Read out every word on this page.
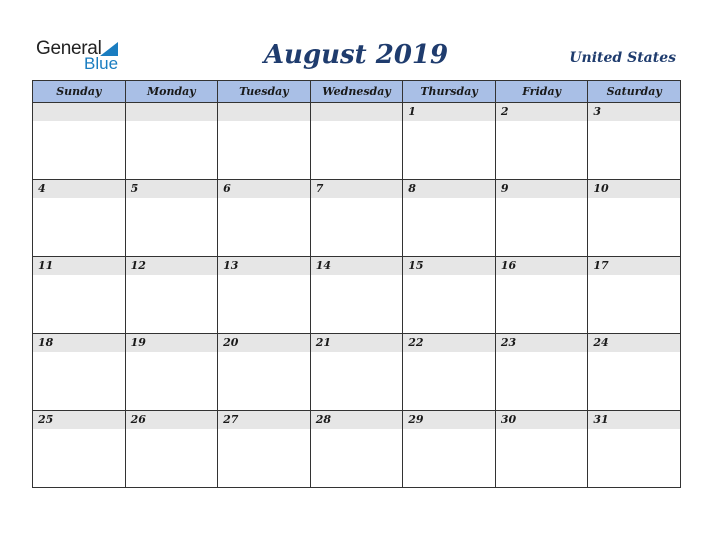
General
Blue	August 2019	United States
Sunday	Monday	Tuesday	Wednesday	Thursday	Friday	Saturday

				1	2	3

4	5	6	7	8	9	10

11	12	13	14	15	16	17

18	19	20	21	22	23	24

25	26	27	28	29	30	31
